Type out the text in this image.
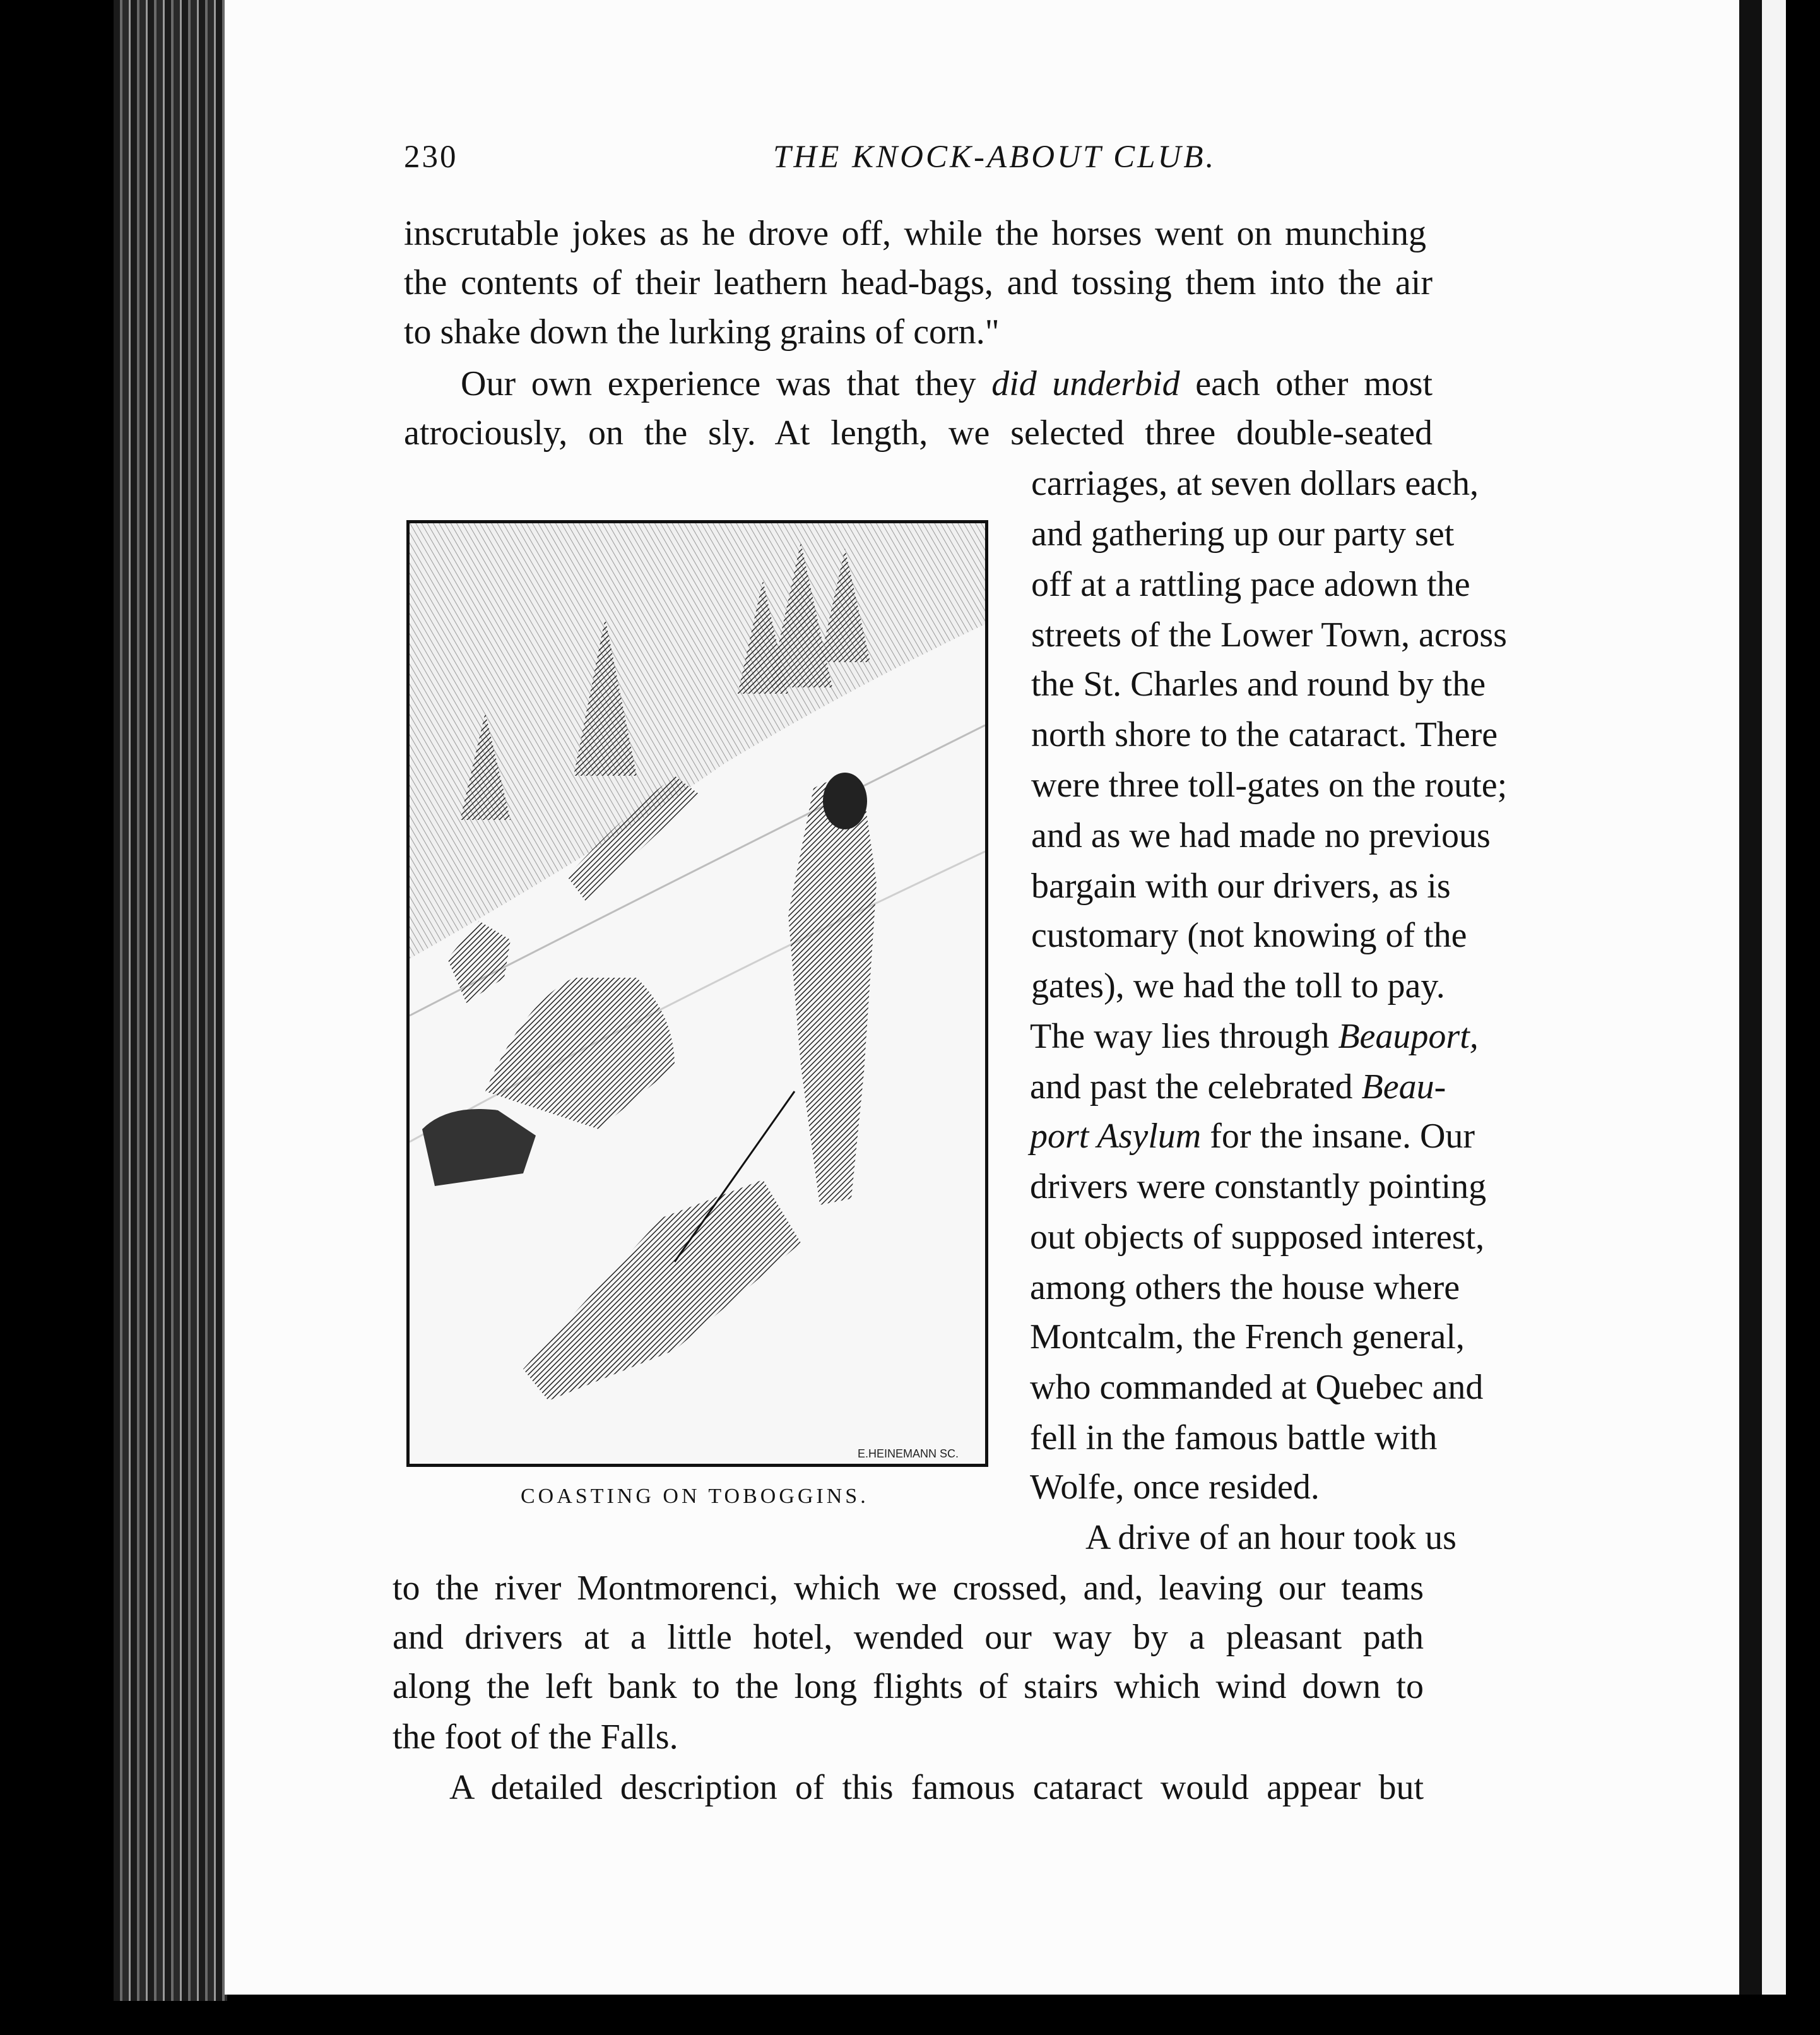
230	THE KNOCK-ABOUT CLUB.
inscrutable jokes as he drove off, while the horses went on munching
the contents of their leathern head-bags, and tossing them into the air
to shake down the lurking grains of corn."
Our own experience was that they did underbid each other most
atrociously, on the sly. At length, we selected three double-seated
E.HEINEMANN SC.
COASTING ON TOBOGGINS.
carriages, at seven dollars each,
and gathering up our party set
off at a rattling pace adown the
streets of the Lower Town, across
the St. Charles and round by the
north shore to the cataract. There
were three toll-gates on the route;
and as we had made no previous
bargain with our drivers, as is
customary (not knowing of the
gates), we had the toll to pay.
The way lies through Beauport,
and past the celebrated Beau-
port Asylum for the insane. Our
drivers were constantly pointing
out objects of supposed interest,
among others the house where
Montcalm, the French general,
who commanded at Quebec and
fell in the famous battle with
Wolfe, once resided.
A drive of an hour took us
to the river Montmorenci, which we crossed, and, leaving our teams
and drivers at a little hotel, wended our way by a pleasant path
along the left bank to the long flights of stairs which wind down to
the foot of the Falls.
A detailed description of this famous cataract would appear but
